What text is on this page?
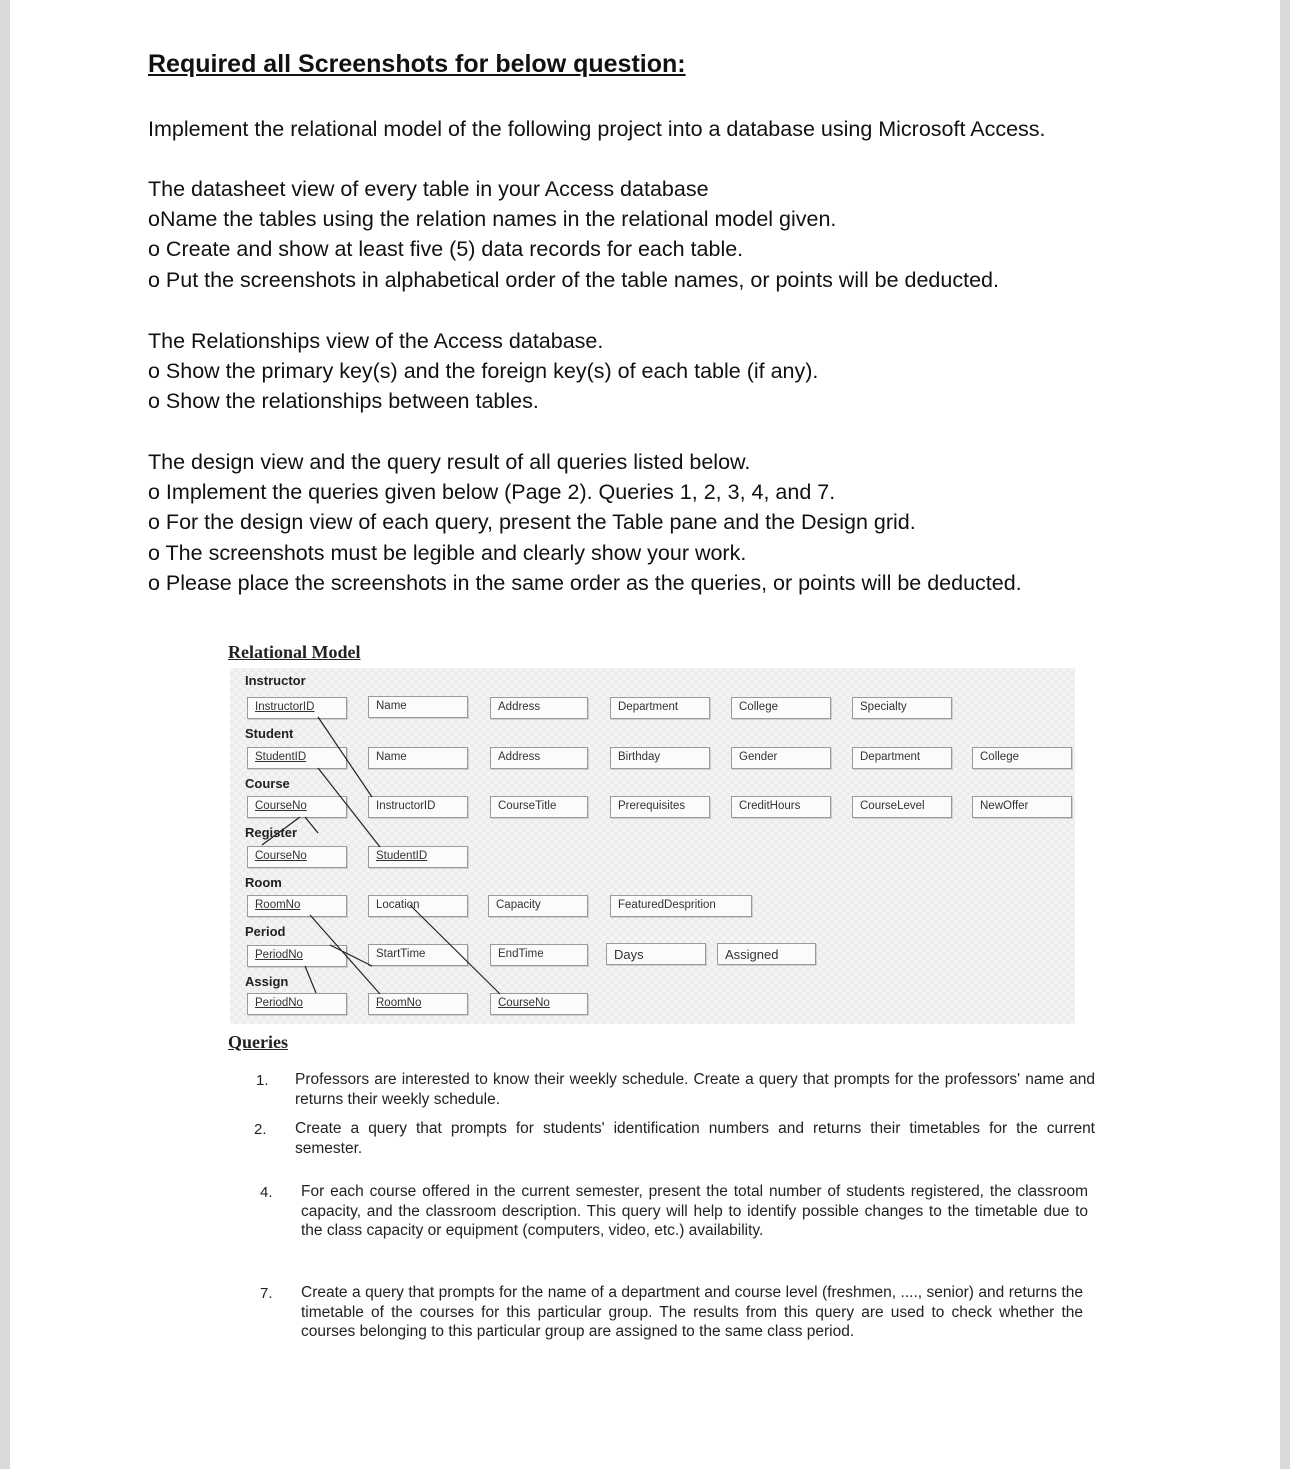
Required all Screenshots for below question:
Implement the relational model of the following project into a database using Microsoft Access.
The datasheet view of every table in your Access database
oName the tables using the relation names in the relational model given.
o Create and show at least five (5) data records for each table.
o Put the screenshots in alphabetical order of the table names, or points will be deducted.
The Relationships view of the Access database.
o Show the primary key(s) and the foreign key(s) of each table (if any).
o Show the relationships between tables.
The design view and the query result of all queries listed below.
o Implement the queries given below (Page 2). Queries 1, 2, 3, 4, and 7.
o For the design view of each query, present the Table pane and the Design grid.
o The screenshots must be legible and clearly show your work.
o Please place the screenshots in the same order as the queries, or points will be deducted.
Relational Model
Instructor
InstructorID	Name	Address	Department	College	Specialty
Student
StudentID	Name	Address	Birthday	Gender	Department	College
Course
CourseNo	InstructorID	CourseTitle	Prerequisites	CreditHours	CourseLevel	NewOffer
Register
CourseNo	StudentID
Room
RoomNo	Location	Capacity	FeaturedDesprition
Period
PeriodNo	StartTime	EndTime	Days	Assigned
Assign
PeriodNo	RoomNo	CourseNo
Queries
1. Professors are interested to know their weekly schedule. Create a query that prompts for the professors' name and returns their weekly schedule.
2. Create a query that prompts for students' identification numbers and returns their timetables for the current semester.
4. For each course offered in the current semester, present the total number of students registered, the classroom capacity, and the classroom description. This query will help to identify possible changes to the timetable due to the class capacity or equipment (computers, video, etc.) availability.
7. Create a query that prompts for the name of a department and course level (freshmen, ...., senior) and returns the timetable of the courses for this particular group. The results from this query are used to check whether the courses belonging to this particular group are assigned to the same class period.
